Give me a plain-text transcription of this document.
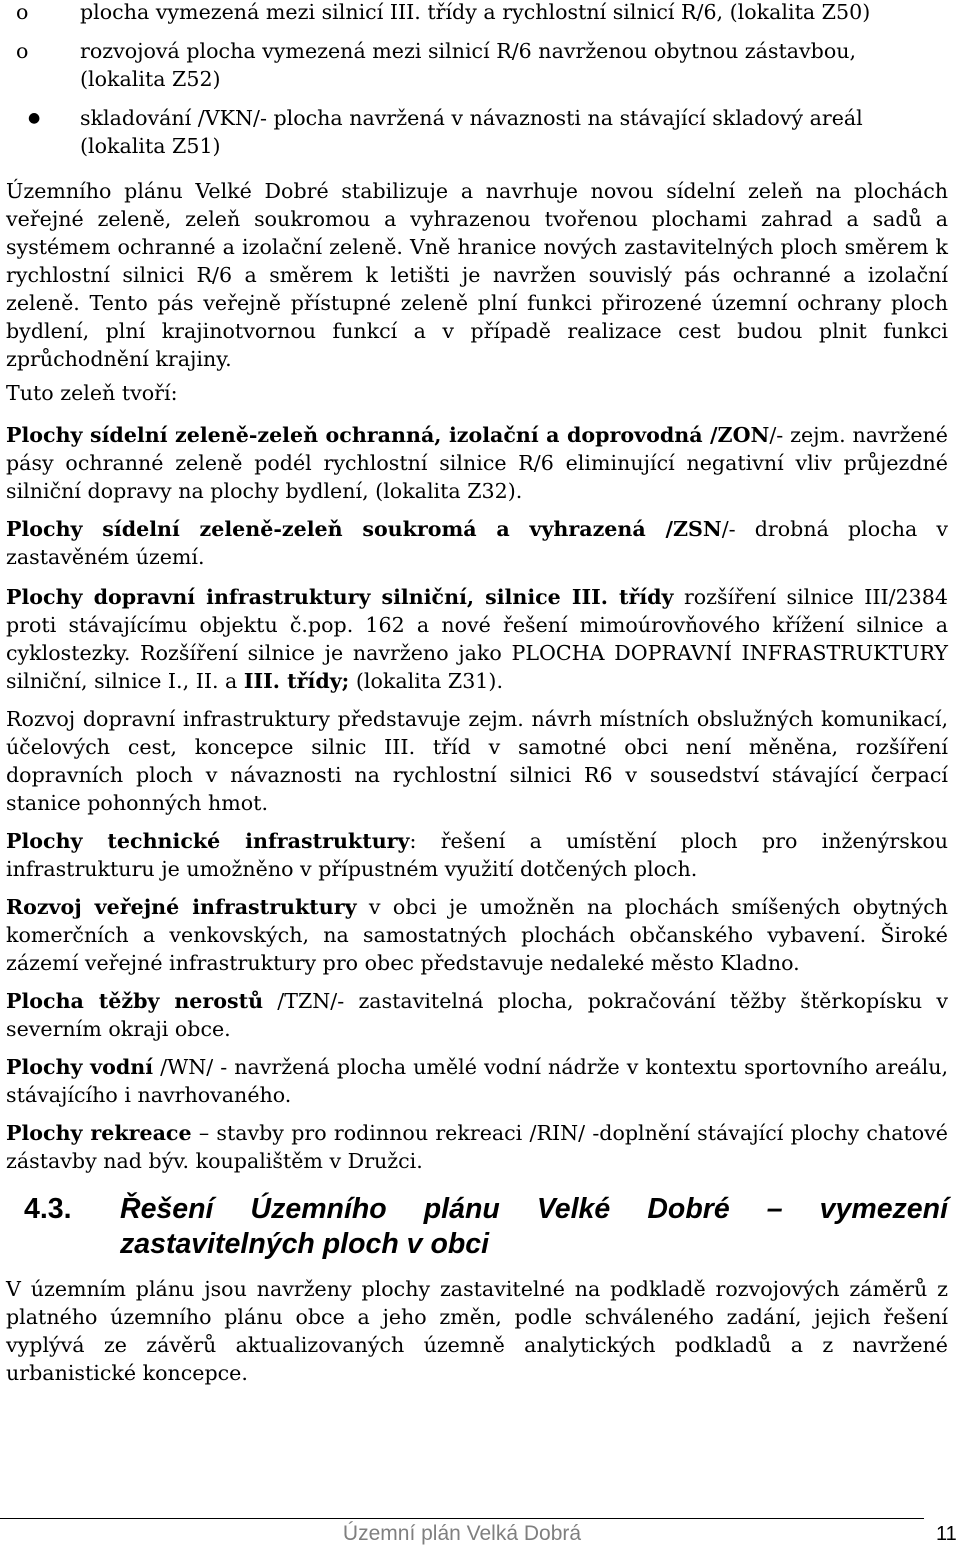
o	plocha vymezená mezi silnicí III. třídy a rychlostní silnicí R/6, (lokalita Z50)
o	rozvojová plocha vymezená mezi silnicí R/6 navrženou obytnou zástavbou, (lokalita Z52)
● skladování /VKN/- plocha navržená v návaznosti na stávající skladový areál (lokalita Z51)

Územního plánu Velké Dobré stabilizuje a navrhuje novou sídelní zeleň na plochách veřejné zeleně, zeleň soukromou a vyhrazenou tvořenou plochami zahrad a sadů a systémem ochranné a izolační zeleně. Vně hranice nových zastavitelných ploch směrem k rychlostní silnici R/6 a směrem k letišti je navržen souvislý pás ochranné a izolační zeleně. Tento pás veřejně přístupné zeleně plní funkci přirozené územní ochrany ploch bydlení, plní krajinotvornou funkcí a v případě realizace cest budou plnit funkci zprůchodnění krajiny.

Tuto zeleň tvoří:

Plochy sídelní zeleně-zeleň ochranná, izolační a doprovodná /ZON/- zejm. navržené pásy ochranné zeleně podél rychlostní silnice R/6 eliminující negativní vliv průjezdné silniční dopravy na plochy bydlení, (lokalita Z32).

Plochy sídelní zeleně-zeleň soukromá a vyhrazená /ZSN/- drobná plocha v zastavěném území.

Plochy dopravní infrastruktury silniční, silnice III. třídy rozšíření silnice III/2384 proti stávajícímu objektu č.pop. 162 a nové řešení mimoúrovňového křížení silnice a cyklostezky. Rozšíření silnice je navrženo jako PLOCHA DOPRAVNÍ INFRASTRUKTURY silniční, silnice I., II. a III. třídy; (lokalita Z31).

Rozvoj dopravní infrastruktury představuje zejm. návrh místních obslužných komunikací, účelových cest, koncepce silnic III. tříd v samotné obci není měněna, rozšíření dopravních ploch v návaznosti na rychlostní silnici R6 v sousedství stávající čerpací stanice pohonných hmot.

Plochy technické infrastruktury: řešení a umístění ploch pro inženýrskou infrastrukturu je umožněno v přípustném využití dotčených ploch.

Rozvoj veřejné infrastruktury v obci je umožněn na plochách smíšených obytných komerčních a venkovských, na samostatných plochách občanského vybavení. Široké zázemí veřejné infrastruktury pro obec představuje nedaleké město Kladno.

Plocha těžby nerostů /TZN/- zastavitelná plocha, pokračování těžby štěrkopísku v severním okraji obce.

Plochy vodní /WN/ - navržená plocha umělé vodní nádrže v kontextu sportovního areálu, stávajícího i navrhovaného.

Plochy rekreace – stavby pro rodinnou rekreaci /RIN/ -doplnění stávající plochy chatové zástavby nad býv. koupalištěm v Družci.

4.3.	Řešení Územního plánu Velké Dobré – vymezení zastavitelných ploch v obci

V územním plánu jsou navrženy plochy zastavitelné na podkladě rozvojových záměrů z platného územního plánu obce a jeho změn, podle schváleného zadání, jejich řešení vyplývá ze závěrů aktualizovaných územně analytických podkladů a z navržené urbanistické koncepce.

Územní plán Velká Dobrá	11
